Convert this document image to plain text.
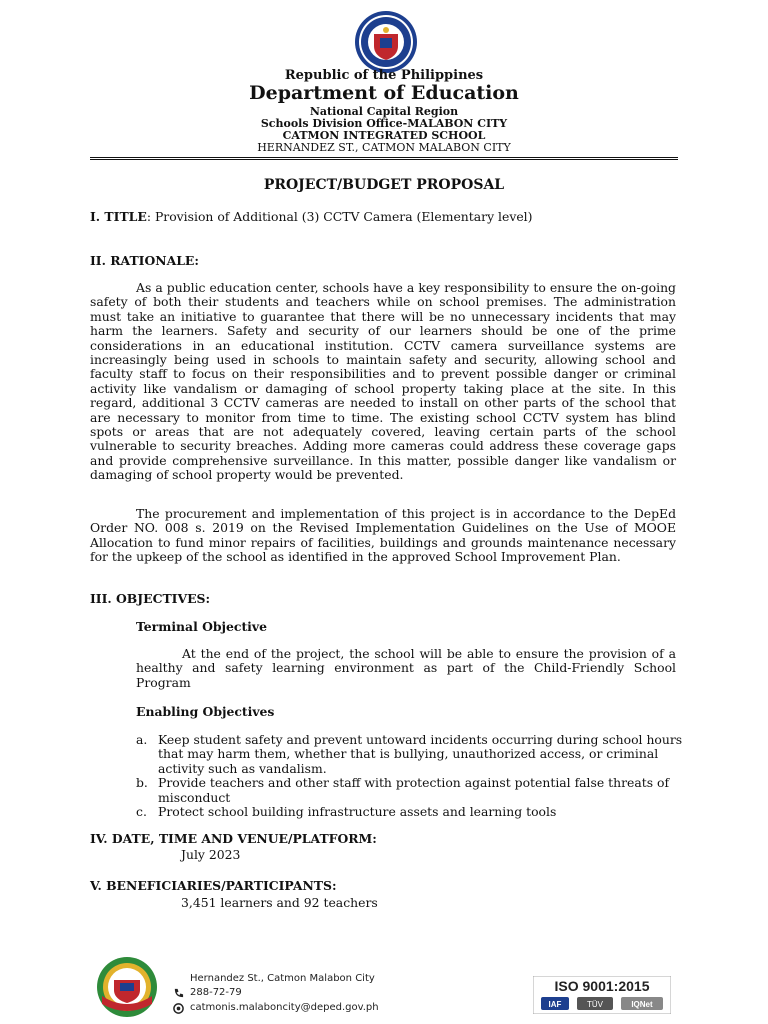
Republic of the Philippines
Department of Education
National Capital Region
Schools Division Office-MALABON CITY
CATMON INTEGRATED SCHOOL
HERNANDEZ ST., CATMON MALABON CITY
PROJECT/BUDGET PROPOSAL
I. TITLE: Provision of Additional (3) CCTV Camera (Elementary level)
II. RATIONALE:
As a public education center, schools have a key responsibility to ensure the on-going safety of both their students and teachers while on school premises. The administration must take an initiative to guarantee that there will be no unnecessary incidents that may harm the learners. Safety and security of our learners should be one of the prime considerations in an educational institution. CCTV camera surveillance systems are increasingly being used in schools to maintain safety and security, allowing school and faculty staff to focus on their responsibilities and to prevent possible danger or criminal activity like vandalism or damaging of school property taking place at the site. In this regard, additional 3 CCTV cameras are needed to install on other parts of the school that are necessary to monitor from time to time. The existing school CCTV system has blind spots or areas that are not adequately covered, leaving certain parts of the school vulnerable to security breaches. Adding more cameras could address these coverage gaps and provide comprehensive surveillance. In this matter, possible danger like vandalism or damaging of school property would be prevented.
The procurement and implementation of this project is in accordance to the DepEd Order NO. 008 s. 2019 on the Revised Implementation Guidelines on the Use of MOOE Allocation to fund minor repairs of facilities, buildings and grounds maintenance necessary for the upkeep of the school as identified in the approved School Improvement Plan.
III. OBJECTIVES:
Terminal Objective
At the end of the project, the school will be able to ensure the provision of a healthy and safety learning environment as part of the Child-Friendly School Program
Enabling Objectives
a. Keep student safety and prevent untoward incidents occurring during school hours that may harm them, whether that is bullying, unauthorized access, or criminal activity such as vandalism.
b. Provide teachers and other staff with protection against potential false threats of misconduct
c. Protect school building infrastructure assets and learning tools
IV. DATE, TIME AND VENUE/PLATFORM:
July 2023
V. BENEFICIARIES/PARTICIPANTS:
3,451 learners and 92 teachers
Hernandez St., Catmon Malabon City
288-72-79
catmonis.malaboncity@deped.gov.ph
ISO 9001:2015
IAF	TÜV	IQNet
